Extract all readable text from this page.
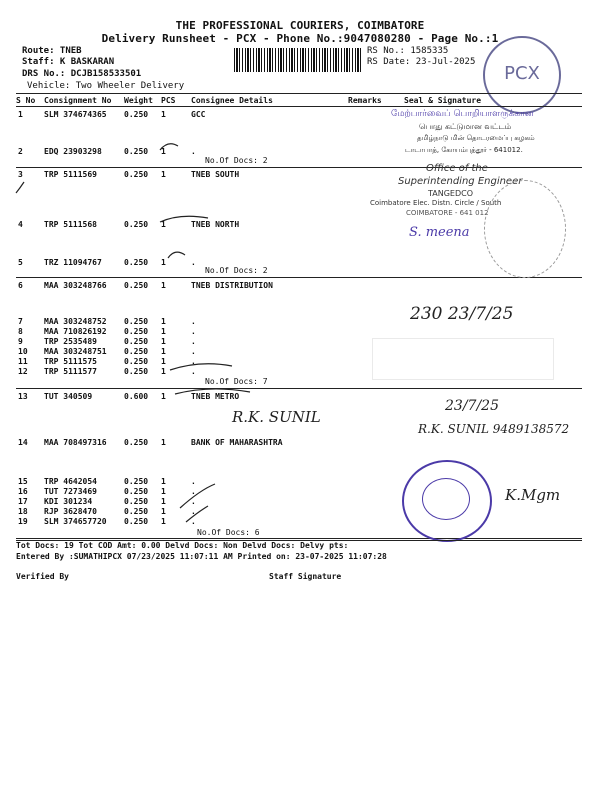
THE PROFESSIONAL COURIERS, COIMBATORE
Delivery Runsheet - PCX - Phone No.:9047080280 - Page No.:1
Route: TNEB
Staff: K BASKARAN
DRS No.: DCJB158533501
Vehicle: Two Wheeler Delivery
RS No.: 1585335
RS Date: 23-Jul-2025
PCX
S No Consignment No Weight PCS Consignee Details	Remarks	Seal & Signature
1	SLM 374674365 0.250 1	GCC
2	EDQ 23903298	0.250 1	.
3	TRP 5111569	0.250 1	TNEB SOUTH
4	TRP 5111568	0.250 1	TNEB NORTH
5	TRZ 11094767	0.250 1	.
6	MAA 303248766 0.250 1	TNEB DISTRIBUTION
7	MAA 303248752 0.250 1	.
8	MAA 710826192 0.250 1	.
9	TRP 2535489	0.250 1	.
10 MAA 303248751 0.250 1	.
11 TRP 5111575	0.250 1	.
12 TRP 5111577	0.250 1	.
13 TUT 340509	0.600 1	TNEB METRO
14 MAA 708497316 0.250 1	BANK OF MAHARASHTRA
15 TRP 4642054	0.250 1	.
16 TUT 7273469	0.250 1	.
17 KDI 301234	0.250 1	.
18 RJP 3628470	0.250 1	.
19 SLM 374657720 0.250 1	.
No.Of Docs: 2
No.Of Docs: 2
No.Of Docs: 7
No.Of Docs: 6
மேற்பார்வைப் பொறியாளருக்கான
பொது கட்டுமான வட்டம்
தமிழ்நாடு மின் தொடரமைப்பு கழகம்
டாடாபாத், கோயம்புத்தூர் - 641012.
Office of the
Superintending Engineer
TANGEDCO
Coimbatore Elec. Distn. Circle / South
COIMBATORE - 641 012
S. meena
230 23/7/25
R.K. SUNIL
23/7/25
R.K. SUNIL 9489138572
K.Mgm
Tot Docs: 19 Tot COD Amt: 0.00 Delvd Docs: Non Delvd Docs: Delvy pts:
Entered By :SUMATHIPCX 07/23/2025 11:07:11 AM Printed on: 23-07-2025 11:07:28
Verified By	Staff Signature
